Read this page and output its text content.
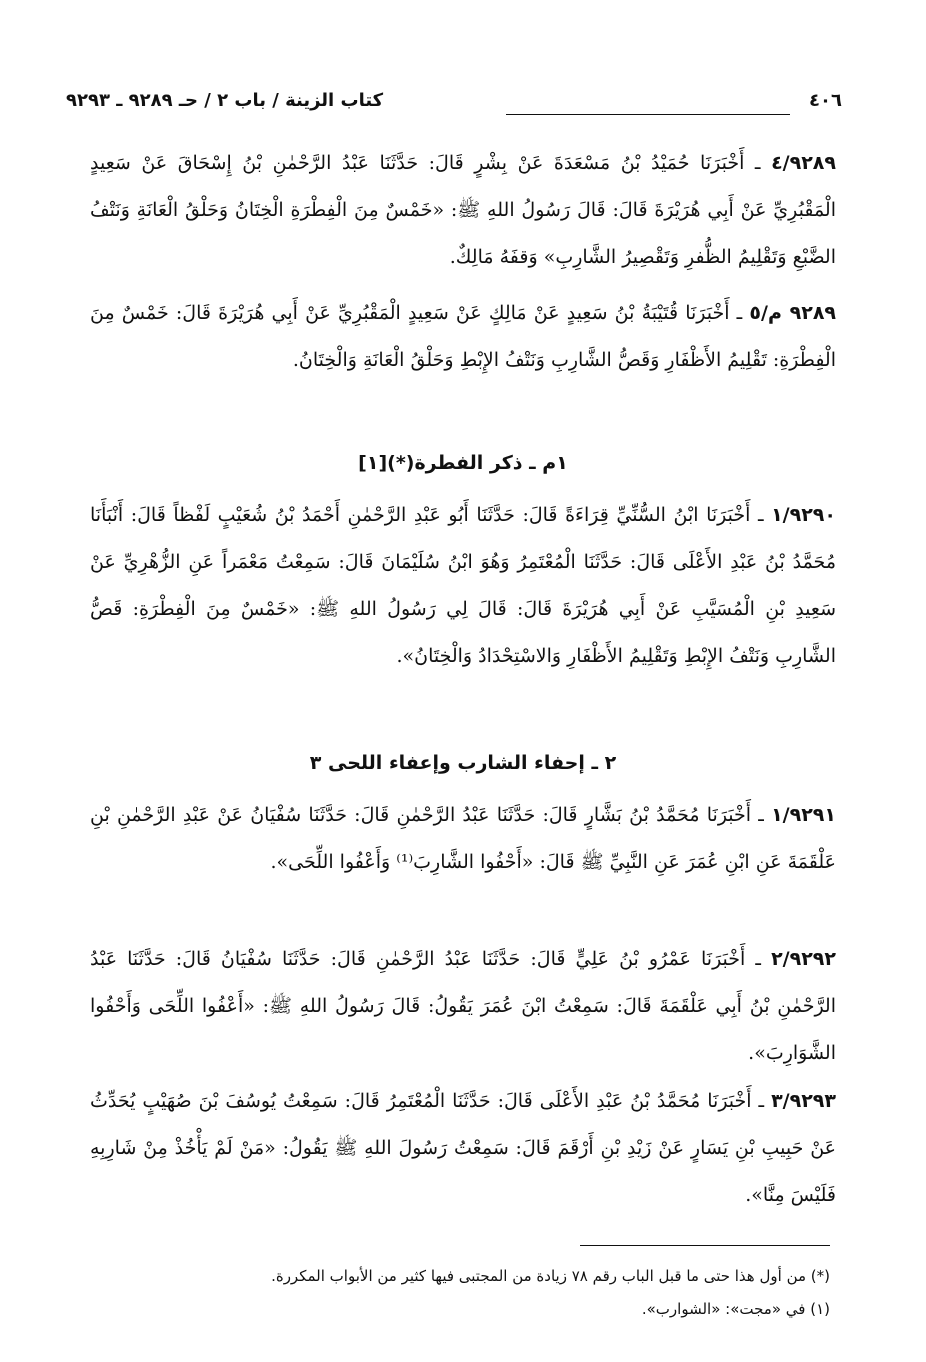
٤٠٦
كتاب الزينة / باب ٢ / حـ ٩٢٨٩ ـ ٩٢٩٣

٤/٩٢٨٩ ـ أَخْبَرَنَا حُمَيْدُ بْنُ مَسْعَدَةَ عَنْ بِشْرٍ قَالَ: حَدَّثَنَا عَبْدُ الرَّحْمٰنِ بْنُ إِسْحَاقَ عَنْ سَعِيدٍ الْمَقْبُرِيِّ عَنْ أَبِي هُرَيْرَةَ قَالَ: قَالَ رَسُولُ اللهِ ﷺ: «خَمْسٌ مِنَ الْفِطْرَةِ الْخِتَانُ وَحَلْقُ الْعَانَةِ وَنَتْفُ الضَّبْعِ وَتَقْلِيمُ الظُّفرِ وَتَقْصِيرُ الشَّارِبِ» وَقفَهُ مَالِكٌ.

٩٢٨٩ م/٥ ـ أَخْبَرَنَا قُتَيْبَةُ بْنُ سَعِيدٍ عَنْ مَالِكٍ عَنْ سَعِيدٍ الْمَقْبُرِيِّ عَنْ أَبِي هُرَيْرَةَ قَالَ: خَمْسٌ مِنَ الْفِطْرَةِ: تَقْلِيمُ الأَظْفَارِ وَقَصُّ الشَّارِبِ وَنَتْفُ الإِبْطِ وَحَلْقُ الْعَانَةِ وَالْخِتَانُ.

١م ـ ذكر الفطرة(*)[١]

١/٩٢٩٠ ـ أَخْبَرَنَا ابْنُ السُّنِّيِّ قِرَاءَةً قَالَ: حَدَّثَنَا أَبُو عَبْدِ الرَّحْمٰنِ أَحْمَدُ بْنُ شُعَيْبٍ لَفْظاً قَالَ: أَنْبَأَنَا مُحَمَّدُ بْنُ عَبْدِ الأَعْلَى قَالَ: حَدَّثَنَا الْمُعْتَمِرُ وَهُوَ ابْنُ سُلَيْمَانَ قَالَ: سَمِعْتُ مَعْمَراً عَنِ الزُّهْرِيِّ عَنْ سَعِيدِ بْنِ الْمُسَيَّبِ عَنْ أَبِي هُرَيْرَةَ قَالَ: قَالَ لِي رَسُولُ اللهِ ﷺ: «خَمْسٌ مِنَ الْفِطْرَةِ: قَصُّ الشَّارِبِ وَنَتْفُ الإِبْطِ وَتَقْلِيمُ الأَظْفَارِ وَالاسْتِحْدَادُ وَالْخِتَانُ».

٢ ـ إحفاء الشارب وإعفاء اللحى ٣

١/٩٢٩١ ـ أَخْبَرَنَا مُحَمَّدُ بْنُ بَشَّارٍ قَالَ: حَدَّثَنَا عَبْدُ الرَّحْمٰنِ قَالَ: حَدَّثَنَا سُفْيَانُ عَنْ عَبْدِ الرَّحْمٰنِ بْنِ عَلْقَمَةَ عَنِ ابْنِ عُمَرَ عَنِ النَّبِيِّ ﷺ قَالَ: «أَحْفُوا الشَّارِبَ⁽¹⁾ وَأَعْفُوا اللِّحَى».

٢/٩٢٩٢ ـ أَخْبَرَنَا عَمْرُو بْنُ عَلِيٍّ قَالَ: حَدَّثَنَا عَبْدُ الرَّحْمٰنِ قَالَ: حَدَّثَنَا سُفْيَانُ قَالَ: حَدَّثَنَا عَبْدُ الرَّحْمٰنِ بْنُ أَبِي عَلْقَمَةَ قَالَ: سَمِعْتُ ابْنَ عُمَرَ يَقُولُ: قَالَ رَسُولُ اللهِ ﷺ: «أَعْفُوا اللِّحَى وَأَحْفُوا الشَّوَارِبَ».

٣/٩٢٩٣ ـ أَخْبَرَنَا مُحَمَّدُ بْنُ عَبْدِ الأَعْلَى قَالَ: حَدَّثَنَا الْمُعْتَمِرُ قَالَ: سَمِعْتُ يُوسُفَ بْنَ صُهَيْبٍ يُحَدِّثُ عَنْ حَبِيبِ بْنِ يَسَارٍ عَنْ زَيْدِ بْنِ أَرْقَمَ قَالَ: سَمِعْتُ رَسُولَ اللهِ ﷺ يَقُولُ: «مَنْ لَمْ يَأْخُذْ مِنْ شَارِبِهِ فَلَيْسَ مِنَّا».

(*) من أول هذا حتى ما قبل الباب رقم ٧٨ زيادة من المجتبى فيها كثير من الأبواب المكررة.
(١) في «مجت»: «الشوارب».
